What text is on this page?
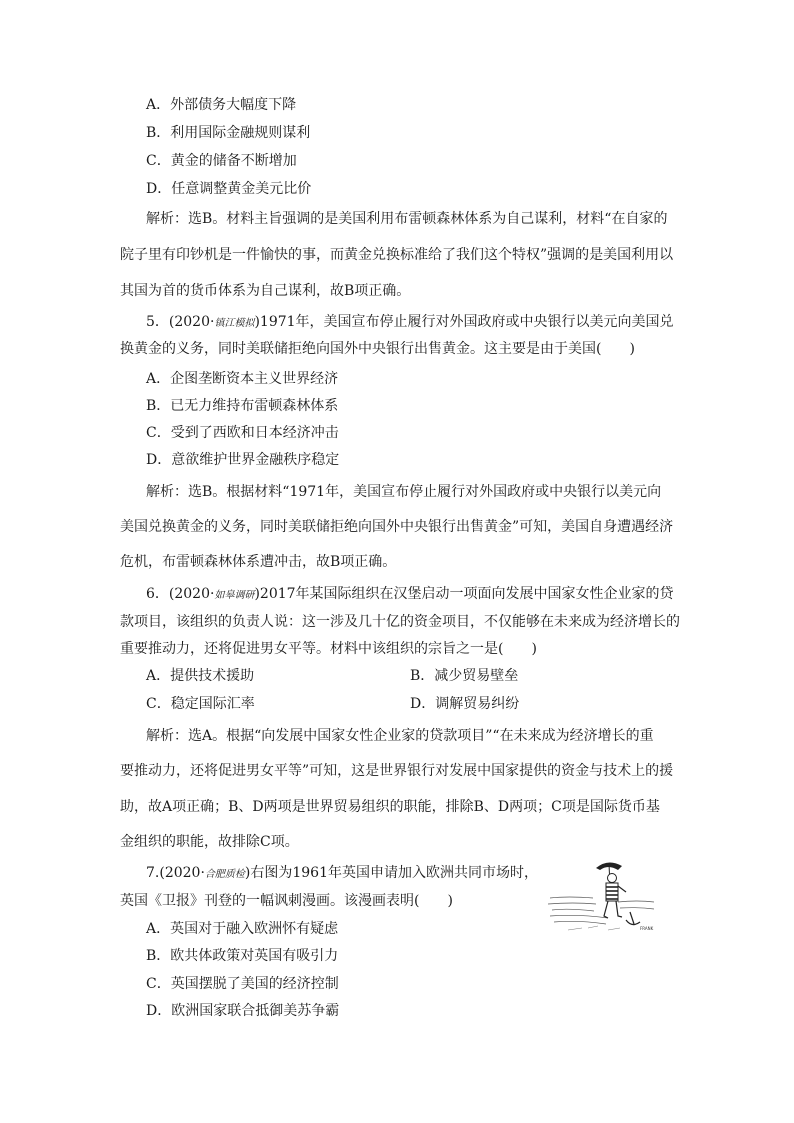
A．外部债务大幅度下降
B．利用国际金融规则谋利
C．黄金的储备不断增加
D．任意调整黄金美元比价
解析：选B。材料主旨强调的是美国利用布雷顿森林体系为自己谋利，材料“在自家的
院子里有印钞机是一件愉快的事，而黄金兑换标准给了我们这个特权”强调的是美国利用以
其国为首的货币体系为自己谋利，故B项正确。
5．(2020·镇江模拟)1971年，美国宣布停止履行对外国政府或中央银行以美元向美国兑
换黄金的义务，同时美联储拒绝向国外中央银行出售黄金。这主要是由于美国(　　)
A．企图垄断资本主义世界经济
B．已无力维持布雷顿森林体系
C．受到了西欧和日本经济冲击
D．意欲维护世界金融秩序稳定
解析：选B。根据材料“1971年，美国宣布停止履行对外国政府或中央银行以美元向
美国兑换黄金的义务，同时美联储拒绝向国外中央银行出售黄金”可知，美国自身遭遇经济
危机，布雷顿森林体系遭冲击，故B项正确。
6．(2020·如皋调研)2017年某国际组织在汉堡启动一项面向发展中国家女性企业家的贷
款项目，该组织的负责人说：这一涉及几十亿的资金项目，不仅能够在未来成为经济增长的
重要推动力，还将促进男女平等。材料中该组织的宗旨之一是(　　)
A．提供技术援助	B．减少贸易壁垒
C．稳定国际汇率	D．调解贸易纠纷
解析：选A。根据“向发展中国家女性企业家的贷款项目”“在未来成为经济增长的重
要推动力，还将促进男女平等”可知，这是世界银行对发展中国家提供的资金与技术上的援
助，故A项正确；B、D两项是世界贸易组织的职能，排除B、D两项；C项是国际货币基
金组织的职能，故排除C项。
7.(2020·合肥质检)右图为1961年英国申请加入欧洲共同市场时，
英国《卫报》刊登的一幅讽刺漫画。该漫画表明(　　)
A．英国对于融入欧洲怀有疑虑
B．欧共体政策对英国有吸引力
C．英国摆脱了美国的经济控制
D．欧洲国家联合抵御美苏争霸
FRANK
